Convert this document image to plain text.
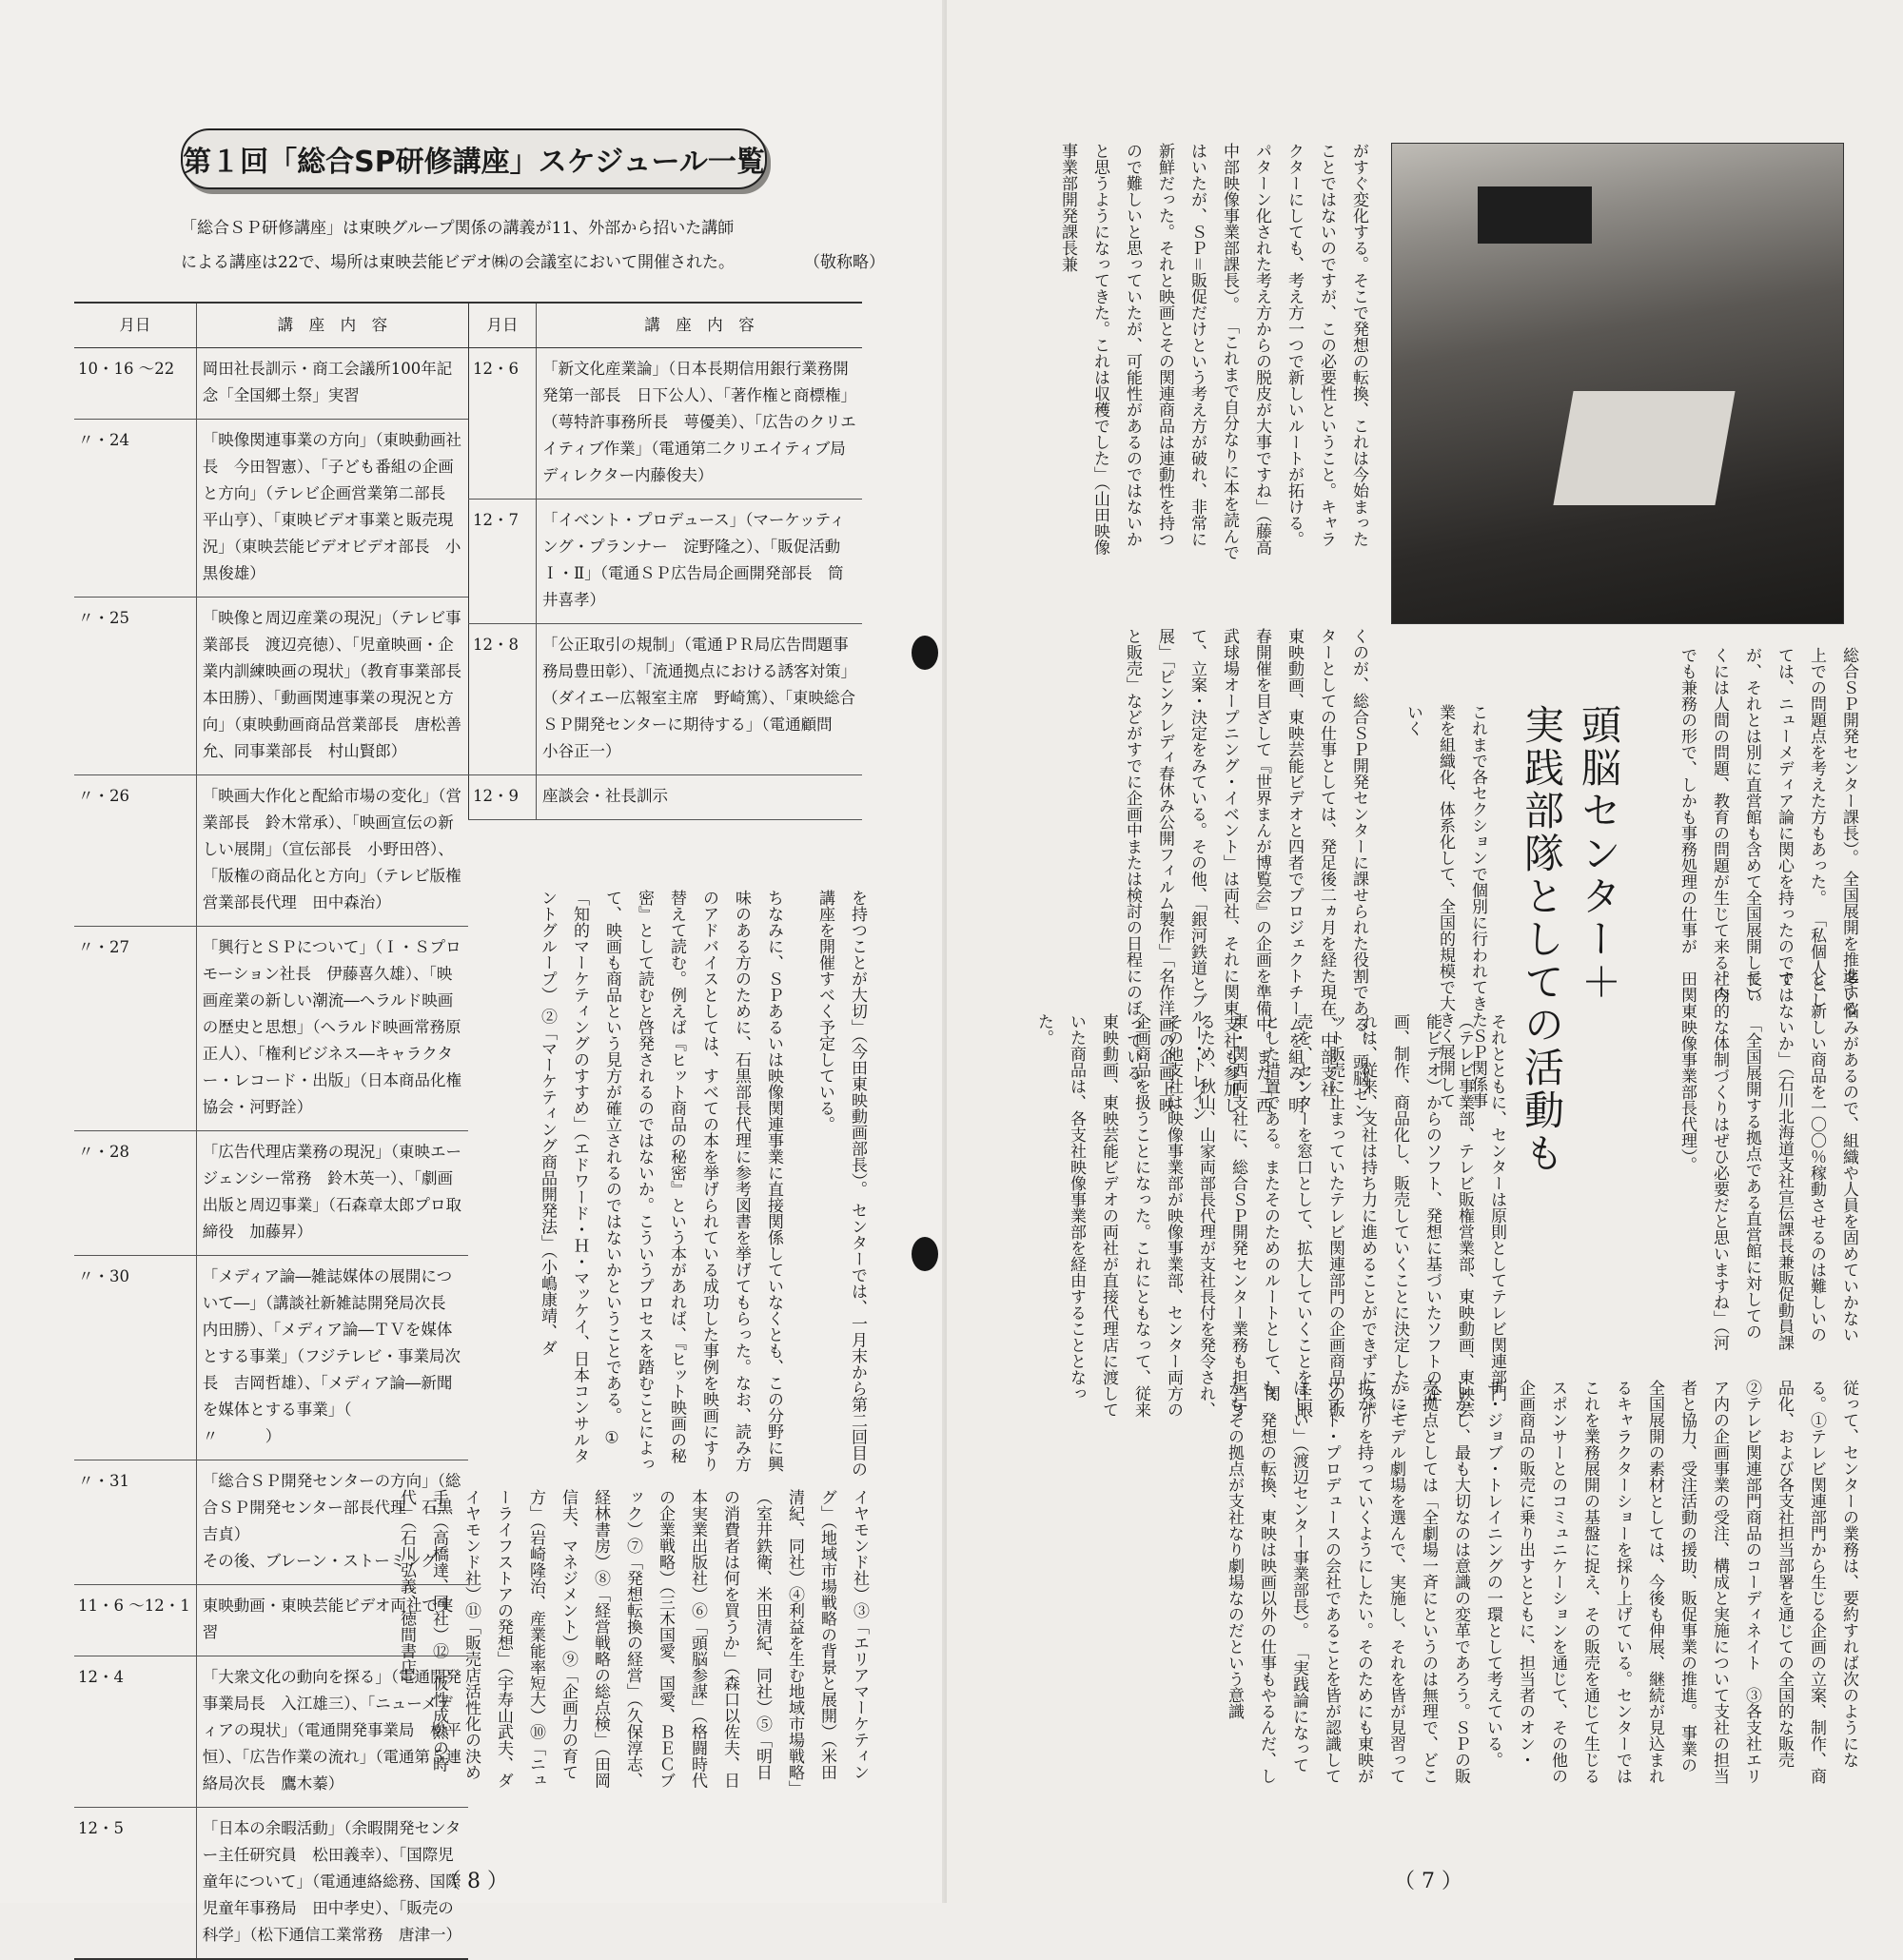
第１回「総合SP研修講座」スケジュール一覧
「総合ＳＰ研修講座」は東映グループ関係の講義が11、外部から招いた講師
による講座は22で、場所は東映芸能ビデオ㈱の会議室において開催された。	（敬称略）
月日	講　座　内　容
10・16 ～22	岡田社長訓示・商工会議所100年記念「全国郷土祭」実習
〃・24	「映像関連事業の方向」（東映動画社長　今田智憲）、「子ども番組の企画と方向」（テレビ企画営業第二部長　平山亨）、「東映ビデオ事業と販売現況」（東映芸能ビデオビデオ部長　小黒俊雄）
〃・25	「映像と周辺産業の現況」（テレビ事業部長　渡辺亮徳）、「児童映画・企業内訓練映画の現状」（教育事業部長　本田勝）、「動画関連事業の現況と方向」（東映動画商品営業部長　唐松善允、同事業部長　村山賢郎）
〃・26	「映画大作化と配給市場の変化」（営業部長　鈴木常承）、「映画宣伝の新しい展開」（宣伝部長　小野田啓）、「版権の商品化と方向」（テレビ版権営業部長代理　田中森治）
〃・27	「興行とＳＰについて」（Ｉ・Ｓプロモーション社長　伊藤喜久雄）、「映画産業の新しい潮流―ヘラルド映画の歴史と思想」（ヘラルド映画常務原正人）、「権利ビジネス―キャラクター・レコード・出版」（日本商品化権協会・河野詮）
〃・28	「広告代理店業務の現況」（東映エージェンシー常務　鈴木英一）、「劇画出版と周辺事業」（石森章太郎プロ取締役　加藤昇）
〃・30	「メディア論―雑誌媒体の展開について―」（講談社新雑誌開発局次長　内田勝）、「メディア論―ＴＶを媒体とする事業」（フジテレビ・事業局次長　吉岡哲雄）、「メディア論―新聞を媒体とする事業」（　　　〃　　　）
〃・31	「総合ＳＰ開発センターの方向」（総合ＳＰ開発センター部長代理　石黒吉貞）
その後、ブレーン・ストーミング
11・6 ～12・1	東映動画・東映芸能ビデオ両社で実習
12・4	「大衆文化の動向を探る」（電通開発事業局長　入江雄三）、「ニューメディアの現状」（電通開発事業局　松平恒）、「広告作業の流れ」（電通第５連絡局次長　鷹木蓁）
12・5	「日本の余暇活動」（余暇開発センター主任研究員　松田義幸）、「国際児童年について」（電通連絡総務、国際児童年事務局　田中孝史）、「販売の科学」（松下通信工業常務　唐津一）
月日	講　座　内　容
12・6	「新文化産業論」（日本長期信用銀行業務開発第一部長　日下公人）、「著作権と商標権」（萼特許事務所長　萼優美）、「広告のクリエイティブ作業」（電通第二クリエイティブ局ディレクター内藤俊夫）
12・7	「イベント・プロデュース」（マーケッティング・プランナー　淀野隆之）、「販促活動Ｉ・Ⅱ」（電通ＳＰ広告局企画開発部長　筒井喜孝）
12・8	「公正取引の規制」（電通ＰＲ局広告問題事務局豊田彰）、「流通拠点における誘客対策」（ダイエー広報室主席　野崎篤）、「東映総合ＳＰ開発センターに期待する」（電通顧問　小谷正一）
12・9	座談会・社長訓示
を持つことが大切」（今田東映動画部長）。 センターでは、一月末から第二回目の講座を開催すべく予定している。
ちなみに、ＳＰあるいは映像関連事業に直接関係していなくとも、この分野に興味のある方のために、石黒部長代理に参考図書を挙げてもらった。なお、読み方のアドバイスとしては、すべての本を挙げられている成功した事例を映画にすり替えて読む。例えば『ヒット商品の秘密』という本があれば、『ヒット映画の秘密』として読むと啓発されるのではないか。こういうプロセスを踏むことによって、映画も商品という見方が確立されるのではないかということである。 ①「知的マーケティングのすすめ」（エドワード・Ｈ・マッケイ、日本コンサルタントグループ） ②「マーケティング商品開発法」（小嶋康靖、ダ
イヤモンド社）③「エリアマーケティング」（地域市場戦略の背景と展開）（米田清紀、同社）④利益を生む地域市場戦略」（室井鉄衛、米田清紀、同社）⑤「明日の消費者は何を買うか」（森口以佐夫、日本実業出版社）⑥「頭脳参謀」（格闘時代の企業戦略）（三木国愛、国愛、ＢＥＣブック）⑦「発想転換の経営」（久保淳志、経林書房）⑧「経営戦略の総点検」（田岡信夫、マネジメント）⑨「企画力の育て方」（岩崎隆治、産業能率短大）⑩「ニューライフストアの発想」（宇寿山武夫、ダイヤモンド社）⑪「販売店活性化の決め手」（高橋達、同社）⑫「仮性成熟の時代」（石川弘義、徳間書店）
（ 8 ）
がすぐ変化する。そこで発想の転換、これは今始まったことではないのですが、この必要性ということ。キャラクターにしても、考え方一つで新しいルートが拓ける。パターン化された考え方からの脱皮が大事ですね」（藤高中部映像事業部課長）。 「これまで自分なりに本を読んではいたが、ＳＰ＝販促だけという考え方が破れ、非常に新鮮だった。それと映画とその関連商品は連動性を持つので難しいと思っていたが、可能性があるのではないかと思うようになってきた。これは収穫でした」（山田映像事業部開発課長兼
くのが、総合ＳＰ開発センターに課せられた役割である。 頭脳センターとしての仕事としては、発足後二ヵ月を経た現在、中部支社、東映動画、東映芸能ビデオと四者でプロジェクトチームを組み、明春開催を目ざして『世界まんが博覧会』の企画を準備中。また「西武球場オープニング・イベント」は両社、それに関東支社も参加して、立案・決定をみている。その他、「銀河鉄道とブルー・トレイン展」「ピンクレディ春休み公開フィルム製作」「名作洋画の企画上映と販売」などがすでに企画中または検討の日程にのぼっている。	これまで各セクションで個別に行われてきたＳＰ関係事業を組織化、体系化して、全国的規模で大きく展開していく	頭脳センター＋
実践部隊としての活動も	総合ＳＰ開発センター課長）。 全国展開を推進する上での問題点を考えた方もあった。 「私個人としては、ニューメディア論に関心を持ったのですが、それとは別に直営館も含めて全国展開していくには人間の問題、教育の問題が生じて来る。今でも兼務の形で、しかも事務処理の仕事が
多い悩みがあるので、組織や人員を固めていかないと、新しい商品を一〇〇％稼動させるのは難しいのではないか」（石川北海道支社宣伝課長兼販促動員課長）。 「全国展開する拠点である直営館に対しての社内的な体制づくりはぜひ必要だと思いますね」（河田関東映像事業部長代理）。
それとともに、センターは原則としてテレビ関連部門（テレビ事業部、テレビ販権営業部、東映動画、東映芸能ビデオ）からのソフト、発想に基づいたソフトの企画、制作、商品化し、販売していくことに決定した。これは、従来、支社は持ち力に進めることができずにスポット販売に止まっていたテレビ関連部門の企画商品の販売を、センターを窓口として、拡大していくことを主眼とした措置である。またそのためのルートとして、関東・関西両支社に、総合ＳＰ開発センター業務も担当するため、秋山、山家両部長代理が支社長付を発令され、その他支社は映像事業部が映像事業部、センター両方の企画商品を扱うことになった。これにともなって、従来東映動画、東映芸能ビデオの両社が直接代理店に渡していた商品は、各支社映像事業部を経由することとなった。
従って、センターの業務は、要約すれば次のようになる。①テレビ関連部門から生じる企画の立案、制作、商品化、および各支社担当部署を通じての全国的な販売　②テレビ関連部門商品のコーディネイト　③各支社エリア内の企画事業の受注、構成と実施について支社の担当者と協力、受注活動の援助、販促事業の推進。 事業の全国展開の素材としては、今後も伸展、継続が見込まれるキャラクターショーを採り上げている。センターではこれを業務展開の基盤に捉え、その販売を通じて生じるスポンサーとのコミュニケーションを通じて、その他の企画商品の販売に乗り出すとともに、担当者のオン・ザ・ジョブ・トレイニングの一環として考えている。 しかし、最も大切なのは意識の変革であろう。ＳＰの販売拠点としては「全劇場一斉にというのは無理で、どこかにモデル劇場を選んで、実施し、それを皆が見習って拡がりを持っていくようにしたい。そのためにも東映がソフト・プロデュースの会社であることを皆が認識してほしい」（渡辺センター事業部長）。 「実践論になっても、発想の転換、東映は映画以外の仕事もやるんだ、しかもその拠点が支社なり劇場なのだという意識
（ 7 ）
